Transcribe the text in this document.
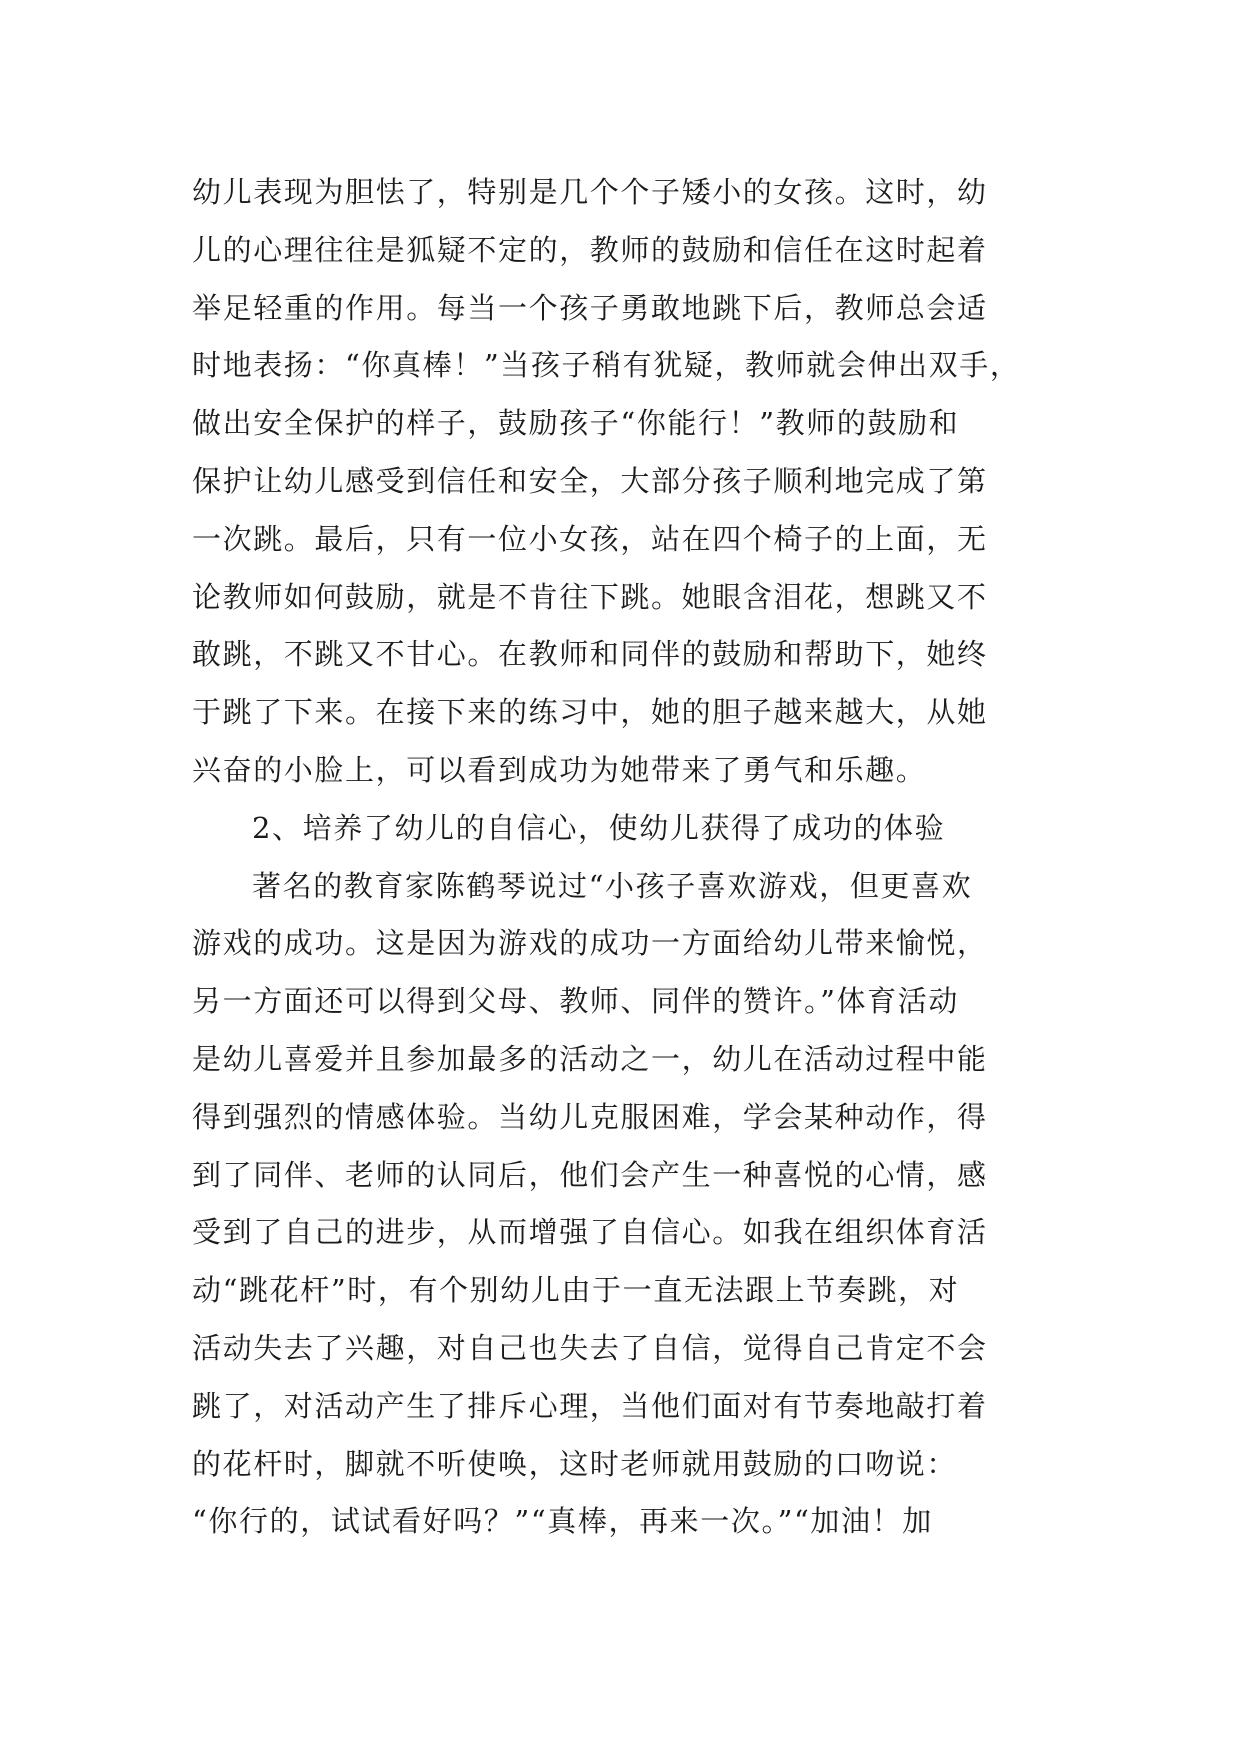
幼儿表现为胆怯了，特别是几个个子矮小的女孩。这时，幼
儿的心理往往是狐疑不定的，教师的鼓励和信任在这时起着
举足轻重的作用。每当一个孩子勇敢地跳下后，教师总会适
时地表扬：“你真棒！”当孩子稍有犹疑，教师就会伸出双手，
做出安全保护的样子，鼓励孩子“你能行！”教师的鼓励和
保护让幼儿感受到信任和安全，大部分孩子顺利地完成了第
一次跳。最后，只有一位小女孩，站在四个椅子的上面，无
论教师如何鼓励，就是不肯往下跳。她眼含泪花，想跳又不
敢跳，不跳又不甘心。在教师和同伴的鼓励和帮助下，她终
于跳了下来。在接下来的练习中，她的胆子越来越大，从她
兴奋的小脸上，可以看到成功为她带来了勇气和乐趣。
2、培养了幼儿的自信心，使幼儿获得了成功的体验
著名的教育家陈鹤琴说过“小孩子喜欢游戏，但更喜欢
游戏的成功。这是因为游戏的成功一方面给幼儿带来愉悦，
另一方面还可以得到父母、教师、同伴的赞许。”体育活动
是幼儿喜爱并且参加最多的活动之一，幼儿在活动过程中能
得到强烈的情感体验。当幼儿克服困难，学会某种动作，得
到了同伴、老师的认同后，他们会产生一种喜悦的心情，感
受到了自己的进步，从而增强了自信心。如我在组织体育活
动“跳花杆”时，有个别幼儿由于一直无法跟上节奏跳，对
活动失去了兴趣，对自己也失去了自信，觉得自己肯定不会
跳了，对活动产生了排斥心理，当他们面对有节奏地敲打着
的花杆时，脚就不听使唤，这时老师就用鼓励的口吻说：
“你行的，试试看好吗？”“真棒，再来一次。”“加油！加
